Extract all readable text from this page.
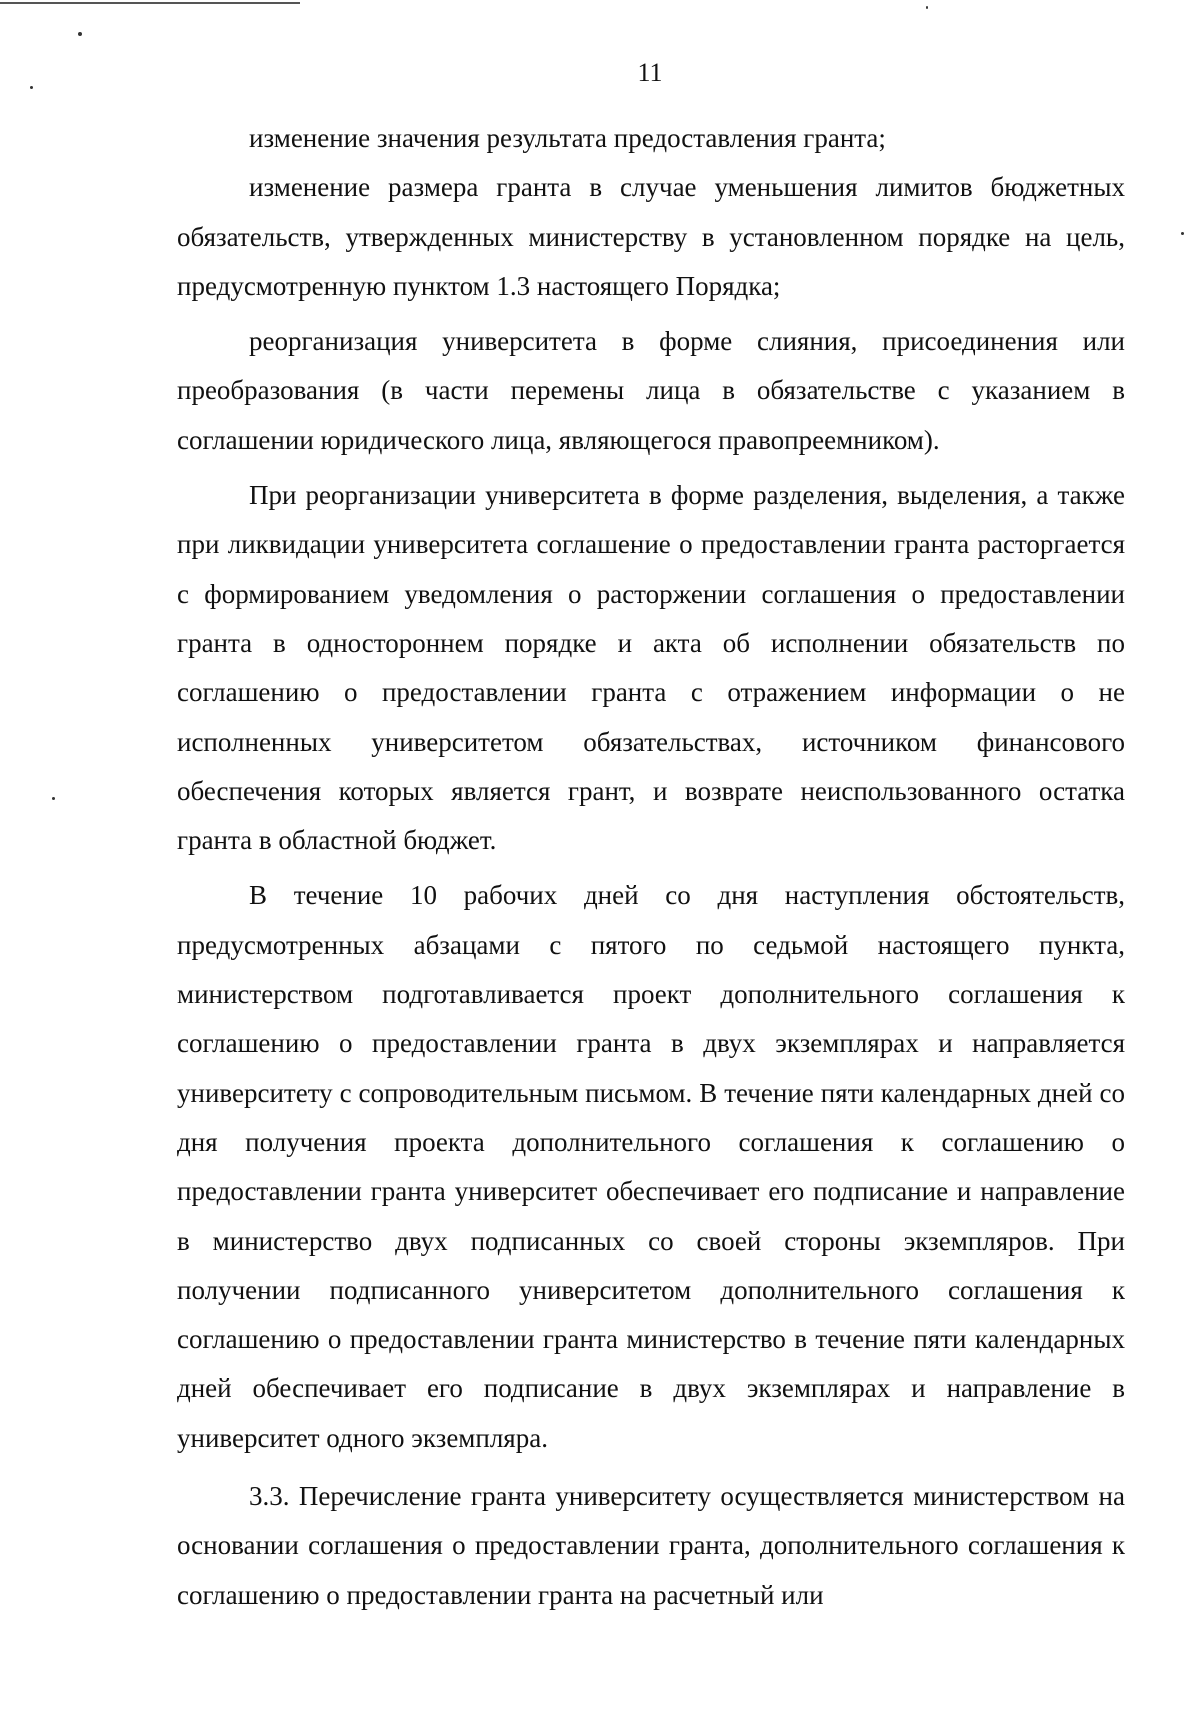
11

изменение значения результата предоставления гранта;

изменение размера гранта в случае уменьшения лимитов бюджетных обязательств, утвержденных министерству в установленном порядке на цель, предусмотренную пунктом 1.3 настоящего Порядка;

реорганизация университета в форме слияния, присоединения или преобразования (в части перемены лица в обязательстве с указанием в соглашении юридического лица, являющегося правопреемником).

При реорганизации университета в форме разделения, выделения, а также при ликвидации университета соглашение о предоставлении гранта расторгается с формированием уведомления о расторжении соглашения о предоставлении гранта в одностороннем порядке и акта об исполнении обязательств по соглашению о предоставлении гранта с отражением информации о не исполненных университетом обязательствах, источником финансового обеспечения которых является грант, и возврате неиспользованного остатка гранта в областной бюджет.

В течение 10 рабочих дней со дня наступления обстоятельств, предусмотренных абзацами с пятого по седьмой настоящего пункта, министерством подготавливается проект дополнительного соглашения к соглашению о предоставлении гранта в двух экземплярах и направляется университету с сопроводительным письмом. В течение пяти календарных дней со дня получения проекта дополнительного соглашения к соглашению о предоставлении гранта университет обеспечивает его подписание и направление в министерство двух подписанных со своей стороны экземпляров. При получении подписанного университетом дополнительного соглашения к соглашению о предоставлении гранта министерство в течение пяти календарных дней обеспечивает его подписание в двух экземплярах и направление в университет одного экземпляра.

3.3. Перечисление гранта университету осуществляется министерством на основании соглашения о предоставлении гранта, дополнительного соглашения к соглашению о предоставлении гранта на расчетный или
